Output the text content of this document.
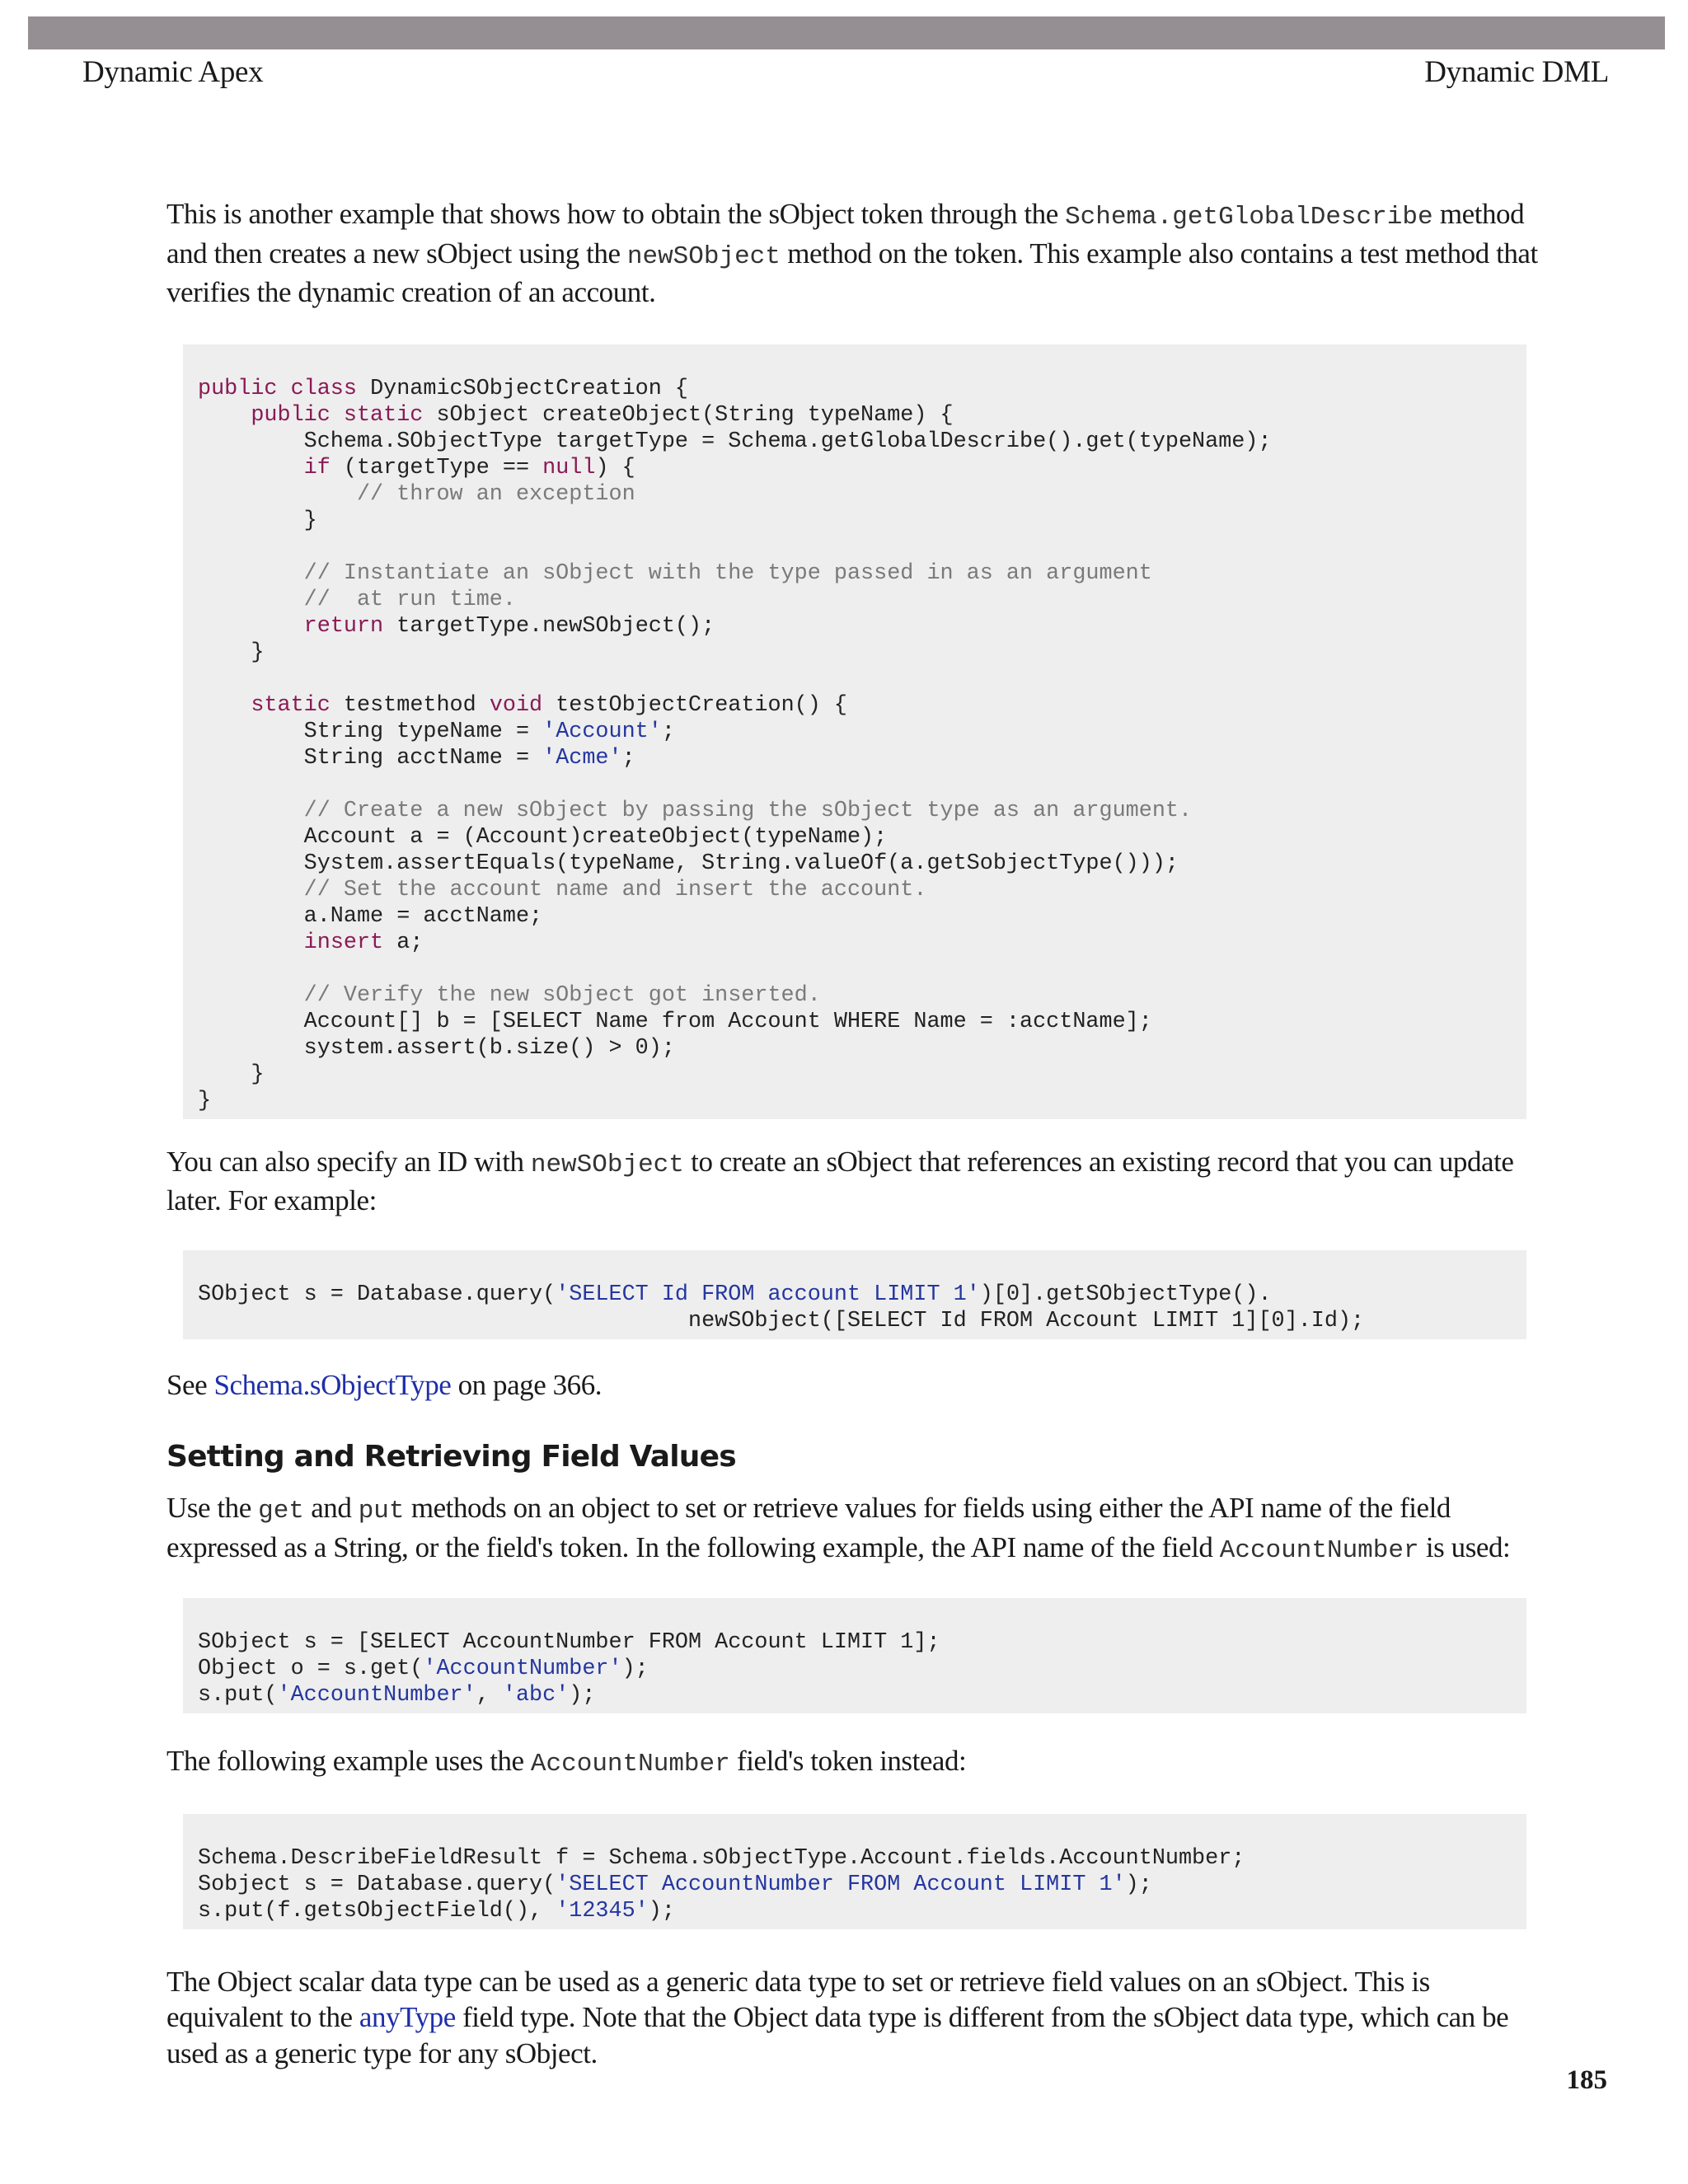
Dynamic Apex	Dynamic DML

This is another example that shows how to obtain the sObject token through the Schema.getGlobalDescribe method and then creates a new sObject using the newSObject method on the token. This example also contains a test method that verifies the dynamic creation of an account.

public class DynamicSObjectCreation {
public static sObject createObject(String typeName) {
Schema.SObjectType targetType = Schema.getGlobalDescribe().get(typeName);
if (targetType == null) {
// throw an exception
}
// Instantiate an sObject with the type passed in as an argument
//  at run time.
return targetType.newSObject();
}
static testmethod void testObjectCreation() {
String typeName = 'Account';
String acctName = 'Acme';
// Create a new sObject by passing the sObject type as an argument.
Account a = (Account)createObject(typeName);
System.assertEquals(typeName, String.valueOf(a.getSobjectType()));
// Set the account name and insert the account.
a.Name = acctName;
insert a;
// Verify the new sObject got inserted.
Account[] b = [SELECT Name from Account WHERE Name = :acctName];
system.assert(b.size() > 0);
}
}

You can also specify an ID with newSObject to create an sObject that references an existing record that you can update later. For example:

SObject s = Database.query('SELECT Id FROM account LIMIT 1')[0].getSObjectType().
newSObject([SELECT Id FROM Account LIMIT 1][0].Id);

See Schema.sObjectType on page 366.

Setting and Retrieving Field Values

Use the get and put methods on an object to set or retrieve values for fields using either the API name of the field expressed as a String, or the field's token. In the following example, the API name of the field AccountNumber is used:

SObject s = [SELECT AccountNumber FROM Account LIMIT 1];
Object o = s.get('AccountNumber');
s.put('AccountNumber', 'abc');

The following example uses the AccountNumber field's token instead:

Schema.DescribeFieldResult f = Schema.sObjectType.Account.fields.AccountNumber;
Sobject s = Database.query('SELECT AccountNumber FROM Account LIMIT 1');
s.put(f.getsObjectField(), '12345');

The Object scalar data type can be used as a generic data type to set or retrieve field values on an sObject. This is equivalent to the anyType field type. Note that the Object data type is different from the sObject data type, which can be used as a generic type for any sObject.

185
